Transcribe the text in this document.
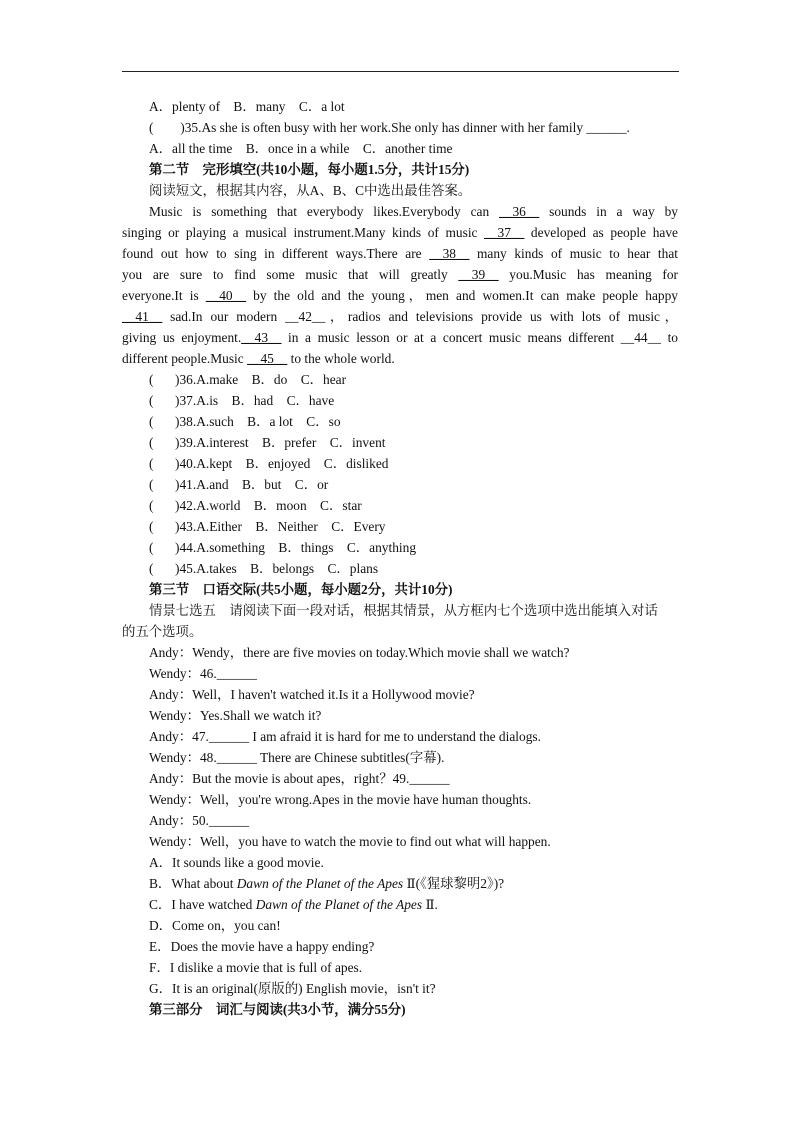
A．plenty of　B．many　C．a lot
(　　)35.As she is often busy with her work.She only has dinner with her family ______.
A．all the time　B．once in a while　C．another time
第二节　完形填空(共10小题，每小题1.5分，共计15分)
阅读短文，根据其内容，从A、B、C中选出最佳答案。
Music is something that everybody likes.Everybody can __36__ sounds in a way by
singing or playing a musical instrument.Many kinds of music __37__ developed as people have
found out how to sing in different ways.There are __38__ many kinds of music to hear that
you are sure to find some music that will greatly __39__ you.Music has meaning for
everyone.It is __40__ by the old and the young，men and women.It can make people happy
__41__ sad.In our modern __42__，radios and televisions provide us with lots of music，
giving us enjoyment.__43__ in a music lesson or at a concert music means different __44__ to
different people.Music __45__ to the whole world.
( )36.A.make　B．do　C．hear
( )37.A.is　B．had　C．have
( )38.A.such　B．a lot　C．so
( )39.A.interest　B．prefer　C．invent
( )40.A.kept　B．enjoyed　C．disliked
( )41.A.and　B．but　C．or
( )42.A.world　B．moon　C．star
( )43.A.Either　B．Neither　C．Every
( )44.A.something　B．things　C．anything
( )45.A.takes　B．belongs　C．plans
第三节　口语交际(共5小题，每小题2分，共计10分)
情景七选五　请阅读下面一段对话，根据其情景，从方框内七个选项中选出能填入对话
的五个选项。
Andy：Wendy，there are five movies on today.Which movie shall we watch?
Wendy：46.______
Andy：Well，I haven't watched it.Is it a Hollywood movie?
Wendy：Yes.Shall we watch it?
Andy：47.______ I am afraid it is hard for me to understand the dialogs.
Wendy：48.______ There are Chinese subtitles(字幕).
Andy：But the movie is about apes，right？49.______
Wendy：Well，you're wrong.Apes in the movie have human thoughts.
Andy：50.______
Wendy：Well，you have to watch the movie to find out what will happen.
A．It sounds like a good movie.
B．What about Dawn of the Planet of the Apes Ⅱ(《猩球黎明2》)?
C．I have watched Dawn of the Planet of the Apes Ⅱ.
D．Come on，you can!
E．Does the movie have a happy ending?
F．I dislike a movie that is full of apes.
G．It is an original(原版的) English movie，isn't it?
第三部分　词汇与阅读(共3小节，满分55分)
